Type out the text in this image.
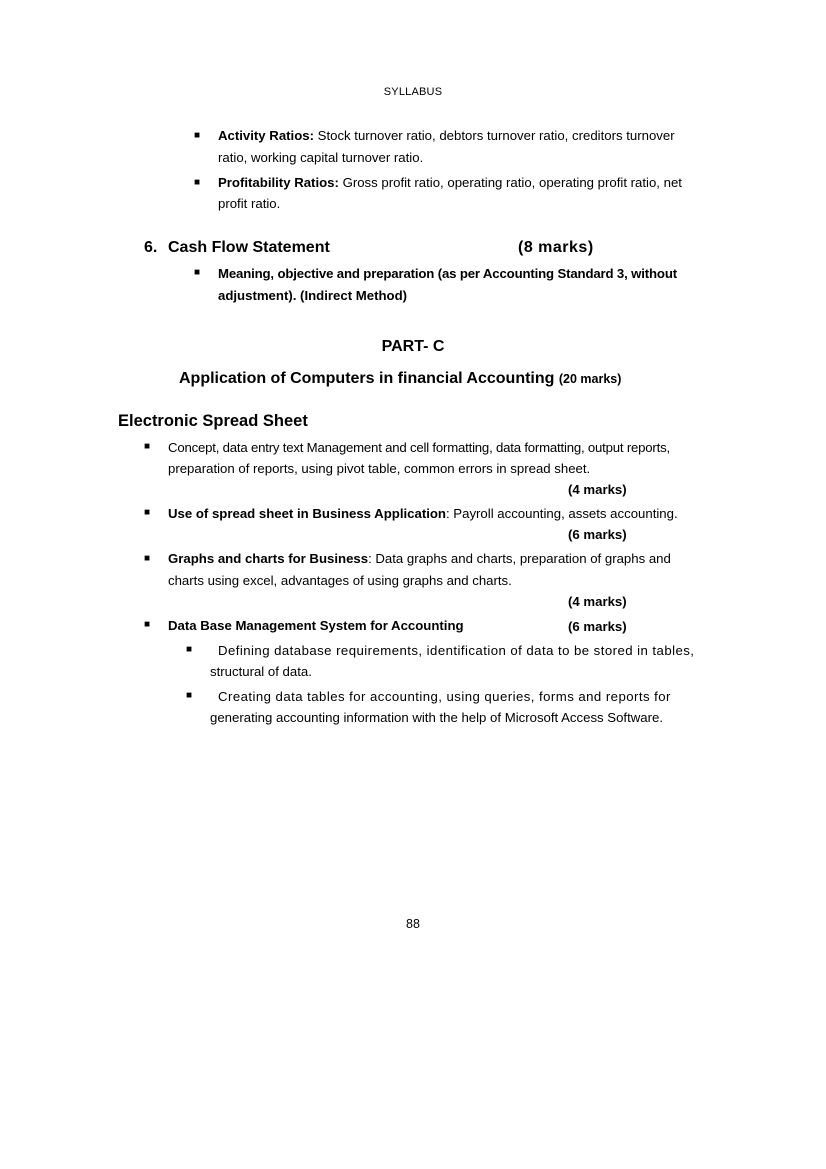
SYLLABUS
■ Activity Ratios: Stock turnover ratio, debtors turnover ratio, creditors turnover
ratio, working capital turnover ratio.
■ Profitability Ratios: Gross profit ratio, operating ratio, operating profit ratio, net
profit ratio.
6. Cash Flow Statement	(8 marks)
■ Meaning, objective and preparation (as per Accounting Standard 3, without
adjustment). (Indirect Method)
PART- C
Application of Computers in financial Accounting (20 marks)
Electronic Spread Sheet
■ Concept, data entry text Management and cell formatting, data formatting, output reports,
preparation of reports, using pivot table, common errors in spread sheet.
(4 marks)
■ Use of spread sheet in Business Application: Payroll accounting, assets accounting.
(6 marks)
■ Graphs and charts for Business: Data graphs and charts, preparation of graphs and
charts using excel, advantages of using graphs and charts.
(4 marks)
■ Data Base Management System for Accounting	(6 marks)
■ Defining database requirements, identification of data to be stored in tables,
structural of data.
■ Creating data tables for accounting, using queries, forms and reports for
generating accounting information with the help of Microsoft Access Software.
88
